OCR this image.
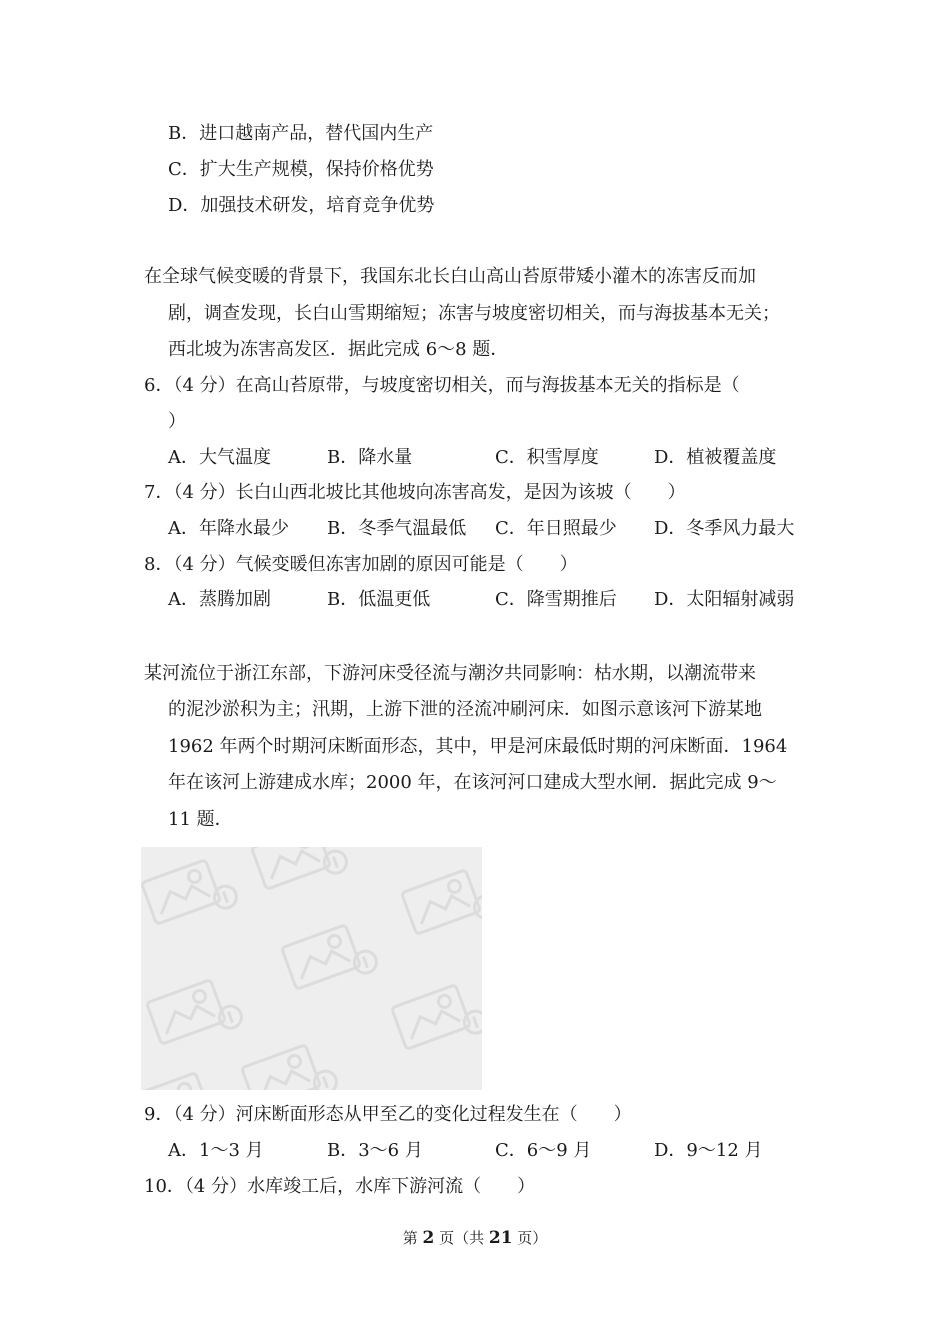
B．进口越南产品，替代国内生产
C．扩大生产规模，保持价格优势
D．加强技术研发，培育竞争优势
在全球气候变暖的背景下，我国东北长白山高山苔原带矮小灌木的冻害反而加
剧，调查发现，长白山雪期缩短；冻害与坡度密切相关，而与海拔基本无关；
西北坡为冻害高发区．据此完成 6～8 题．
6．（4 分）在高山苔原带，与坡度密切相关，而与海拔基本无关的指标是（
）
A．大气温度	B．降水量	C．积雪厚度	D．植被覆盖度
7．（4 分）长白山西北坡比其他坡向冻害高发，是因为该坡（　　）
A．年降水最少 B．冬季气温最低 C．年日照最少 D．冬季风力最大
8．（4 分）气候变暖但冻害加剧的原因可能是（　　）
A．蒸腾加剧	B．低温更低	C．降雪期推后 D．太阳辐射减弱
某河流位于浙江东部，下游河床受径流与潮汐共同影响：枯水期，以潮流带来
的泥沙淤积为主；汛期，上游下泄的泾流冲刷河床．如图示意该河下游某地
1962 年两个时期河床断面形态，其中，甲是河床最低时期的河床断面．1964
年在该河上游建成水库；2000 年，在该河河口建成大型水闸．据此完成 9～
11 题．
9．（4 分）河床断面形态从甲至乙的变化过程发生在（　　）
A．1～3 月	B．3～6 月	C．6～9 月	D．9～12 月
10．（4 分）水库竣工后，水库下游河流（　　）
第 2 页（共 21 页）
